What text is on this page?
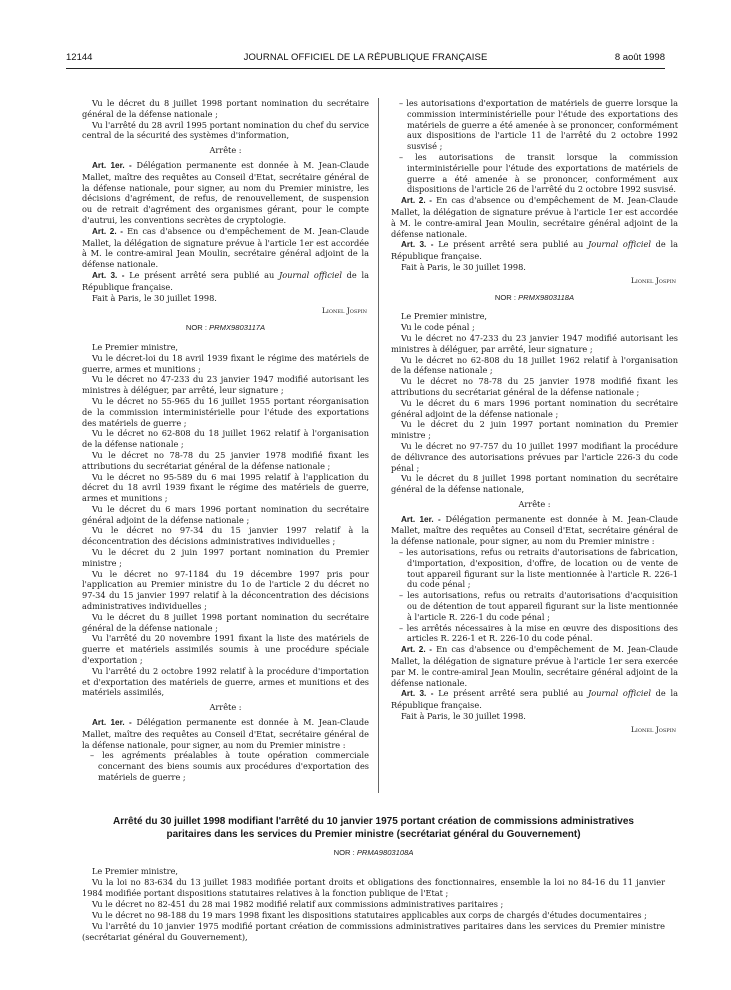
12144	JOURNAL OFFICIEL DE LA RÉPUBLIQUE FRANÇAISE	8 août 1998

Vu le décret du 8 juillet 1998 portant nomination du secrétaire général de la défense nationale ;

Vu l'arrêté du 28 avril 1995 portant nomination du chef du service central de la sécurité des systèmes d'information,

Arrête :

Art. 1er. - Délégation permanente est donnée à M. Jean-Claude Mallet, maître des requêtes au Conseil d'Etat, secrétaire général de la défense nationale, pour signer, au nom du Premier ministre, les décisions d'agrément, de refus, de renouvellement, de suspension ou de retrait d'agrément des organismes gérant, pour le compte d'autrui, les conventions secrètes de cryptologie.

Art. 2. - En cas d'absence ou d'empêchement de M. Jean-Claude Mallet, la délégation de signature prévue à l'article 1er est accordée à M. le contre-amiral Jean Moulin, secrétaire général adjoint de la défense nationale.

Art. 3. - Le présent arrêté sera publié au Journal officiel de la République française.

Fait à Paris, le 30 juillet 1998.

Lionel Jospin

NOR : PRMX9803117A

Le Premier ministre,

Vu le décret-loi du 18 avril 1939 fixant le régime des matériels de guerre, armes et munitions ;

Vu le décret no 47-233 du 23 janvier 1947 modifié autorisant les ministres à déléguer, par arrêté, leur signature ;

Vu le décret no 55-965 du 16 juillet 1955 portant réorganisation de la commission interministérielle pour l'étude des exportations des matériels de guerre ;

Vu le décret no 62-808 du 18 juillet 1962 relatif à l'organisation de la défense nationale ;

Vu le décret no 78-78 du 25 janvier 1978 modifié fixant les attributions du secrétariat général de la défense nationale ;

Vu le décret no 95-589 du 6 mai 1995 relatif à l'application du décret du 18 avril 1939 fixant le régime des matériels de guerre, armes et munitions ;

Vu le décret du 6 mars 1996 portant nomination du secrétaire général adjoint de la défense nationale ;

Vu le décret no 97-34 du 15 janvier 1997 relatif à la déconcentration des décisions administratives individuelles ;

Vu le décret du 2 juin 1997 portant nomination du Premier ministre ;

Vu le décret no 97-1184 du 19 décembre 1997 pris pour l'application au Premier ministre du 1o de l'article 2 du décret no 97-34 du 15 janvier 1997 relatif à la déconcentration des décisions administratives individuelles ;

Vu le décret du 8 juillet 1998 portant nomination du secrétaire général de la défense nationale ;

Vu l'arrêté du 20 novembre 1991 fixant la liste des matériels de guerre et matériels assimilés soumis à une procédure spéciale d'exportation ;

Vu l'arrêté du 2 octobre 1992 relatif à la procédure d'importation et d'exportation des matériels de guerre, armes et munitions et des matériels assimilés,

Arrête :

Art. 1er. - Délégation permanente est donnée à M. Jean-Claude Mallet, maître des requêtes au Conseil d'Etat, secrétaire général de la défense nationale, pour signer, au nom du Premier ministre :

– les agréments préalables à toute opération commerciale concernant des biens soumis aux procédures d'exportation des matériels de guerre ;

– les autorisations d'exportation de matériels de guerre lorsque la commission interministérielle pour l'étude des exportations des matériels de guerre a été amenée à se prononcer, conformément aux dispositions de l'article 11 de l'arrêté du 2 octobre 1992 susvisé ;

– les autorisations de transit lorsque la commission interministérielle pour l'étude des exportations de matériels de guerre a été amenée à se prononcer, conformément aux dispositions de l'article 26 de l'arrêté du 2 octobre 1992 susvisé.

Art. 2. - En cas d'absence ou d'empêchement de M. Jean-Claude Mallet, la délégation de signature prévue à l'article 1er est accordée à M. le contre-amiral Jean Moulin, secrétaire général adjoint de la défense nationale.

Art. 3. - Le présent arrêté sera publié au Journal officiel de la République française.

Fait à Paris, le 30 juillet 1998.

Lionel Jospin

NOR : PRMX9803118A

Le Premier ministre,

Vu le code pénal ;

Vu le décret no 47-233 du 23 janvier 1947 modifié autorisant les ministres à déléguer, par arrêté, leur signature ;

Vu le décret no 62-808 du 18 juillet 1962 relatif à l'organisation de la défense nationale ;

Vu le décret no 78-78 du 25 janvier 1978 modifié fixant les attributions du secrétariat général de la défense nationale ;

Vu le décret du 6 mars 1996 portant nomination du secrétaire général adjoint de la défense nationale ;

Vu le décret du 2 juin 1997 portant nomination du Premier ministre ;

Vu le décret no 97-757 du 10 juillet 1997 modifiant la procédure de délivrance des autorisations prévues par l'article 226-3 du code pénal ;

Vu le décret du 8 juillet 1998 portant nomination du secrétaire général de la défense nationale,

Arrête :

Art. 1er. - Délégation permanente est donnée à M. Jean-Claude Mallet, maître des requêtes au Conseil d'Etat, secrétaire général de la défense nationale, pour signer, au nom du Premier ministre :

– les autorisations, refus ou retraits d'autorisations de fabrication, d'importation, d'exposition, d'offre, de location ou de vente de tout appareil figurant sur la liste mentionnée à l'article R. 226-1 du code pénal ;

– les autorisations, refus ou retraits d'autorisations d'acquisition ou de détention de tout appareil figurant sur la liste mentionnée à l'article R. 226-1 du code pénal ;

– les arrêtés nécessaires à la mise en œuvre des dispositions des articles R. 226-1 et R. 226-10 du code pénal.

Art. 2. - En cas d'absence ou d'empêchement de M. Jean-Claude Mallet, la délégation de signature prévue à l'article 1er sera exercée par M. le contre-amiral Jean Moulin, secrétaire général adjoint de la défense nationale.

Art. 3. - Le présent arrêté sera publié au Journal officiel de la République française.

Fait à Paris, le 30 juillet 1998.

Lionel Jospin

Arrêté du 30 juillet 1998 modifiant l'arrêté du 10 janvier 1975 portant création de commissions administratives paritaires dans les services du Premier ministre (secrétariat général du Gouvernement)

NOR : PRMA9803108A

Le Premier ministre,

Vu la loi no 83-634 du 13 juillet 1983 modifiée portant droits et obligations des fonctionnaires, ensemble la loi no 84-16 du 11 janvier 1984 modifiée portant dispositions statutaires relatives à la fonction publique de l'Etat ;

Vu le décret no 82-451 du 28 mai 1982 modifié relatif aux commissions administratives paritaires ;

Vu le décret no 98-188 du 19 mars 1998 fixant les dispositions statutaires applicables aux corps de chargés d'études documentaires ;

Vu l'arrêté du 10 janvier 1975 modifié portant création de commissions administratives paritaires dans les services du Premier ministre (secrétariat général du Gouvernement),
